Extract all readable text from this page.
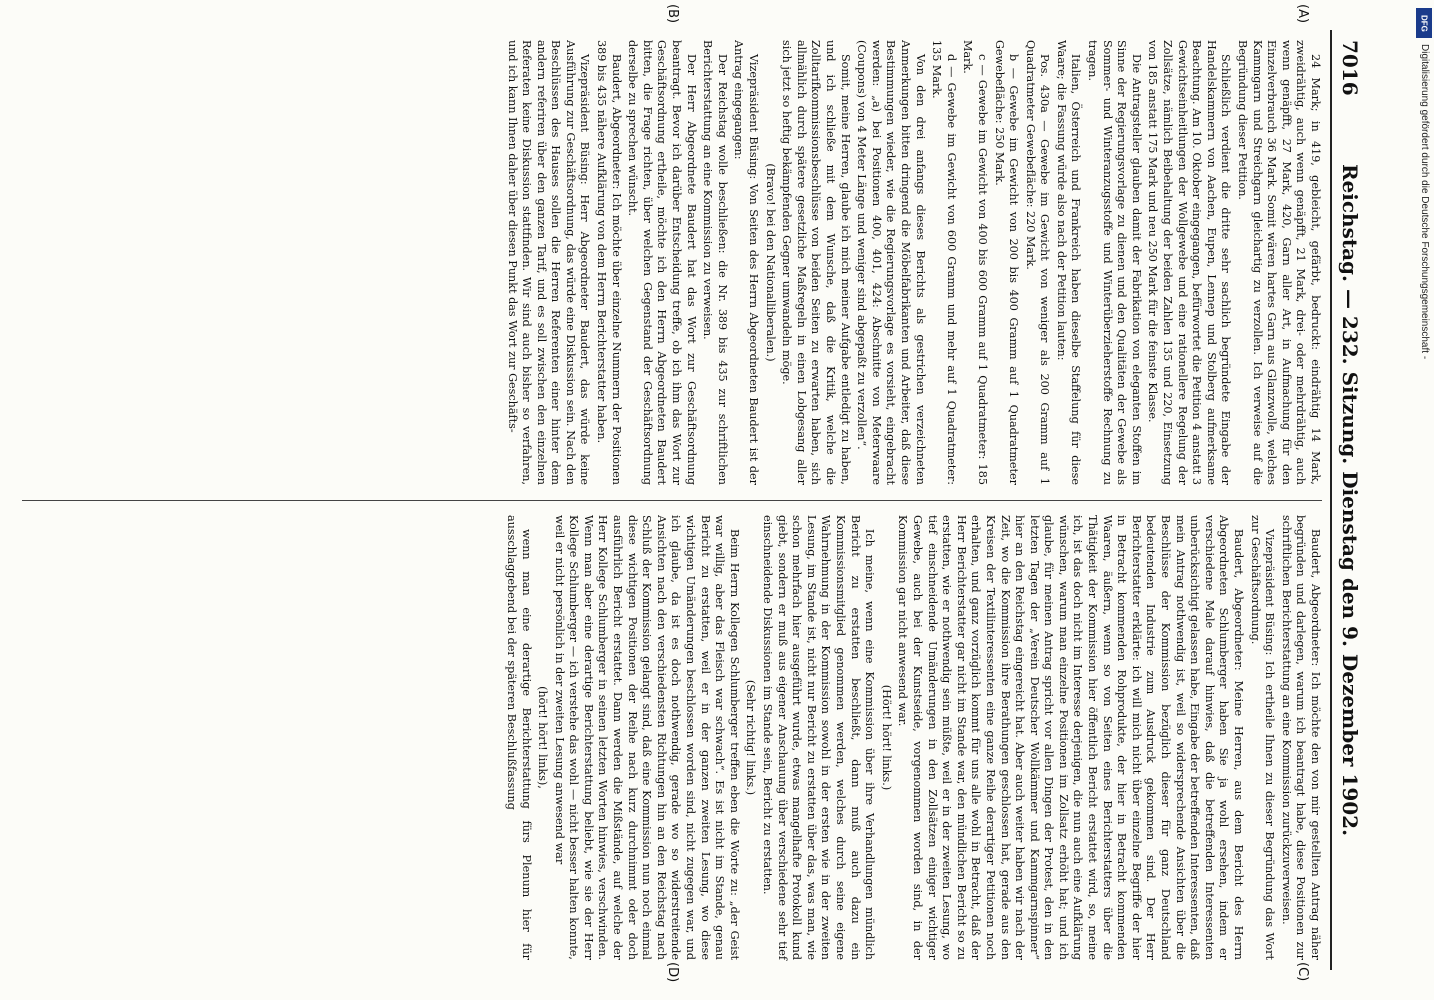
7016
Reichstag. — 232. Sitzung. Dienstag den 9. Dezember 1902.
(A)
(B)
(C)
(D)

24 Mark; in 419, gebleicht, gefärbt, bedruckt: eindrähtig 14 Mark, zweidrähtig, auch wenn genäpfft, 21 Mark, drei- oder mehrdrähtig, auch wenn genäpfft, 27 Mark, 420, Garn aller Art, in Aufmachung für den Einzelverbrauch 36 Mark. Somit wären hartes Garn aus Glanzwolle, welches Kammgarn und Streichgarn gleichartig zu verzollen. Ich verweise auf die Begründung dieser Petition.

Schließlich verdient die dritte sehr sachlich begründete Eingabe der Handelskammern von Aachen, Eupen, Lennep und Stolberg aufmerksame Beachtung. Am 10. Oktober eingegangen, befürwortet die Petition 4 anstatt 3 Gewichtseinheitlungen der Wollgewebe und eine rationellere Regelung der Zollsätze, nämlich Beibehaltung der beiden Zahlen 135 und 220, Einsetzung von 185 anstatt 175 Mark und neu 250 Mark für die feinste Klasse.

Die Antragsteller glauben damit der Fabrikation von eleganten Stoffen im Sinne der Regierungsvorlage zu dienen und den Qualitäten der Gewebe als Sommer- und Winteranzugsstoffe und Winterüberzieherstoffe Rechnung zu tragen.

Italien, Österreich und Frankreich haben dieselbe Staffelung für diese Waare; die Fassung würde also nach der Petition lauten:

Pos. 430a — Gewebe im Gewicht von weniger als 200 Gramm auf 1 Quadratmeter Gewebefläche: 220 Mark.

b — Gewebe im Gewicht von 200 bis 400 Gramm auf 1 Quadratmeter Gewebefläche: 250 Mark.

c — Gewebe im Gewicht von 400 bis 600 Gramm auf 1 Quadratmeter: 185 Mark.

d — Gewebe im Gewicht von 600 Gramm und mehr auf 1 Quadratmeter: 135 Mark.

Von den drei anfangs dieses Berichts als gestrichen verzeichneten Anmerkungen bitten dringend die Möbelfabrikanten und Arbeiter, daß diese Bestimmungen wieder, wie die Regierungsvorlage es vorsieht, eingebracht werden: „a) bei Positionen 400, 401, 424: Abschnitte von Meterwaare (Coupons) von 4 Meter Länge und weniger sind abgepaßt zu verzollen“.

Somit, meine Herren, glaube ich mich meiner Aufgabe entledigt zu haben, und ich schließe mit dem Wunsche, daß die Kritik, welche die Zolltarifkommissionsbeschlüsse von beiden Seiten zu erwarten haben, sich allmählich durch spätere gesetzliche Maßregeln in einen Lobgesang aller sich jetzt so heftig bekämpfenden Gegner umwandeln möge.

(Bravo! bei den Nationalliberalen.)

Vizepräsident Büsing: Von Seiten des Herrn Abgeordneten Baudert ist der Antrag eingegangen:

Der Reichstag wolle beschließen: die Nr. 389 bis 435 zur schriftlichen Berichterstattung an eine Kommission zu verweisen.

Der Herr Abgeordnete Baudert hat das Wort zur Geschäftsordnung beantragt. Bevor ich darüber Entscheidung treffe, ob ich ihm das Wort zur Geschäftsordnung ertheile, möchte ich den Herrn Abgeordneten Baudert bitten, die Frage richten, über welchen Gegenstand der Geschäftsordnung derselbe zu sprechen wünscht.

Baudert, Abgeordneter: Ich möchte über einzelne Nummern der Positionen 389 bis 435 nähere Aufklärung von dem Herrn Berichterstatter haben.

Vizepräsident Büsing: Herr Abgeordneter Baudert, das würde keine Ausführung zur Geschäftsordnung, das würde eine Diskussion sein. Nach den Beschlüssen des Hauses sollen die Herren Referenten einer hinter dem andern referiren über den ganzen Tarif, und es soll zwischen den einzelnen Referaten keine Diskussion stattfinden. Wir sind auch bisher so verfahren, und ich kann Ihnen daher über diesen Punkt das Wort zur Geschäfts-

Baudert, Abgeordneter: Ich möchte den von mir gestellten Antrag näher begründen und darlegen, warum ich beantragt habe, diese Positionen zur schriftlichen Berichterstattung an eine Kommission zurückzuverweisen.

Vizepräsident Büsing: Ich ertheile Ihnen zu dieser Begründung das Wort zur Geschäftsordnung.

Baudert, Abgeordneter: Meine Herren, aus dem Bericht des Herrn Abgeordneten Schlumberger haben Sie ja wohl ersehen, indem er verschiedene Male darauf hinwies, daß die betreffenden Interessenten unberücksichtigt gelassen habe, Eingabe der betreffenden Interessenten, daß mein Antrag nothwendig ist, weil so widersprechende Ansichten über die Beschlüsse der Kommission bezüglich dieser für ganz Deutschland bedeutenden Industrie zum Ausdruck gekommen sind. Der Herr Berichterstatter erklärte: ich will mich nicht über einzelne Begriffe der hier in Betracht kommenden Rohprodukte, der hier in Betracht kommenden Waaren, äußern, wenn so von Seiten eines Berichterstatters über die Thätigkeit der Kommission hier öffentlich Bericht erstattet wird, so, meine ich, ist das doch nicht im Interesse derjenigen, die nun auch eine Aufklärung wünschen, warum man einzelne Positionen im Zollsatz erhöht hat; und ich glaube, für meinen Antrag spricht vor allen Dingen der Protest, den in den letzten Tagen der „Verein Deutscher Wollkämmer und Kammgarnspinner“ hier an den Reichstag eingereicht hat. Aber auch weiter haben wir nach der Zeit, wo die Kommission ihre Berathungen geschlossen hat, gerade aus den Kreisen der Textilinteressenten eine ganze Reihe derartiger Petitionen noch erhalten, und ganz vorzüglich kommt für uns alle wohl in Betracht, daß der Herr Berichterstatter gar nicht im Stande war, den mündlichen Bericht so zu erstatten, wie er nothwendig sein müßte, weil er in der zweiten Lesung, wo tief einschneidende Umänderungen in den Zollsätzen einiger wichtiger Gewebe, auch bei der Kunstseide, vorgenommen worden sind, in der Kommission gar nicht anwesend war.

(Hört! hört! links.)

Ich meine, wenn eine Kommission über ihre Verhandlungen mündlich Bericht zu erstatten beschließt, dann muß auch dazu ein Kommissionsmitglied genommen werden, welches durch seine eigene Wahrnehmung in der Kommission sowohl in der ersten wie in der zweiten Lesung, im Stande ist, nicht nur Bericht zu erstatten über das, was man, wie schon mehrfach hier ausgeführt wurde, etwas mangelhafte Protokoll kund giebt, sondern er muß aus eigener Anschauung über verschiedene sehr tief einschneidende Diskussionen im Stande sein, Bericht zu erstatten.

(Sehr richtig! links.)

Beim Herrn Kollegen Schlumberger treffen eben die Worte zu: „der Geist war willig, aber das Fleisch war schwach“. Es ist nicht im Stande, genau Bericht zu erstatten, weil er in der ganzen zweiten Lesung, wo diese wichtigen Umänderungen beschlossen worden sind, nicht zugegen war, und ich glaube, da ist es doch nothwendig, gerade wo so widerstreitende Ansichten nach den verschiedensten Richtungen hin an den Reichstag nach Schluß der Kommission gelangt sind, daß eine Kommission nun noch einmal diese wichtigen Positionen der Reihe nach kurz durchnimmt oder doch ausführlich Bericht erstattet. Dann werden die Mißstände, auf welche der Herr Kollege Schlumberger in seinen letzten Worten hinwies, verschwinden. Wenn man aber eine derartige Berichterstattung beliebt, wie sie der Herr Kollege Schlumberger — ich verstehe das wohl — nicht besser halten konnte, weil er nicht persönlich in der zweiten Lesung anwesend war

(hört! hört! links),

wenn man eine derartige Berichterstattung fürs Plenum hier für ausschlaggebend bei der späteren Beschlußfassung

DFG
Digitalisierung gefördert durch die Deutsche Forschungsgemeinschaft -
